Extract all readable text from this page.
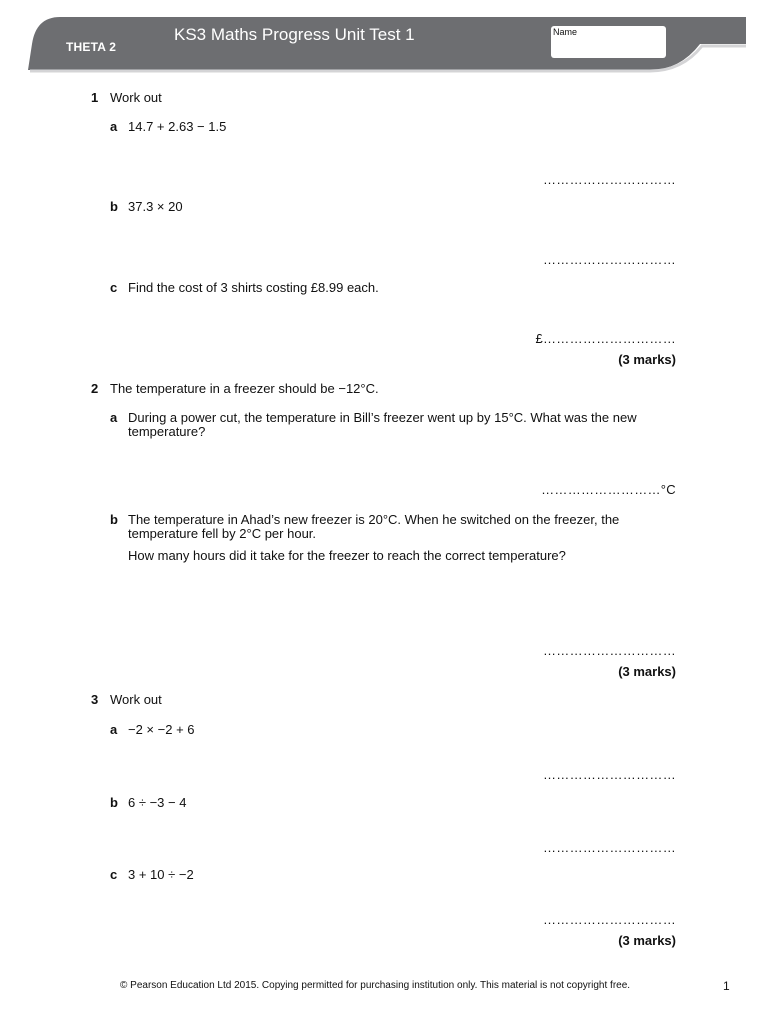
THETA 2
KS3 Maths Progress Unit Test 1	Name
1 Work out
a 14.7 + 2.63 − 1.5
…………………………
b 37.3 × 20
…………………………
c Find the cost of 3 shirts costing £8.99 each.
£…………………………
(3 marks)
2 The temperature in a freezer should be −12°C.
a During a power cut, the temperature in Bill’s freezer went up by 15°C. What was the new
temperature?
………………………°C
b The temperature in Ahad’s new freezer is 20°C. When he switched on the freezer, the
temperature fell by 2°C per hour.
How many hours did it take for the freezer to reach the correct temperature?
…………………………
(3 marks)
3 Work out
a −2 × −2 + 6
…………………………
b 6 ÷ −3 − 4
…………………………
c 3 + 10 ÷ −2
…………………………
(3 marks)
© Pearson Education Ltd 2015. Copying permitted for purchasing institution only. This material is not copyright free.	1
